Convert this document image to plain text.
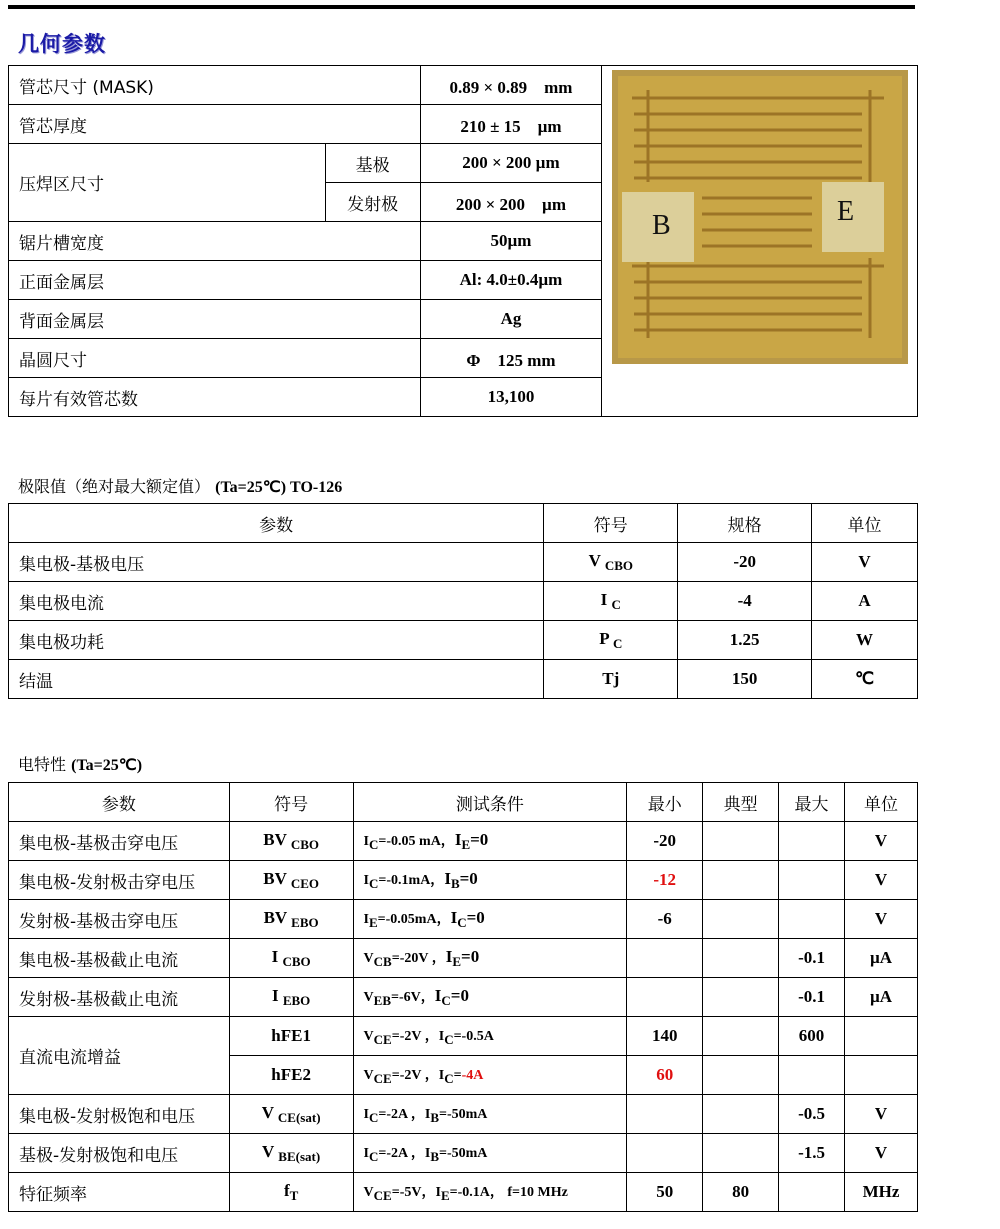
几何参数
管芯尺寸 (MASK)		0.89 × 0.89　mm	
管芯厚度		210 ± 15　µm	
压焊区尺寸	基极	200 × 200 µm	
	发射极	200 × 200　µm	
锯片槽宽度		50µm	
正面金属层		Al: 4.0±0.4µm	
背面金属层		Ag	
晶圆尺寸		Φ　125 mm	
每片有效管芯数		13,100	
B	E
极限值（绝对最大额定值） (Ta=25℃) TO-126
参数	符号	规格	单位
集电极-基极电压	V $_{CBO}$	-20	V
集电极电流	I $_C$	-4	A
集电极功耗	P $_C$	1.25	W
结温	Tj	150	℃
电特性 (Ta=25℃)
参数	符号	测试条件	最小	典型	最大	单位
集电极-基极击穿电压	BV $_{CBO}$	$I_C=-0.05$ mA，$I_E=0$	-20			V
集电极-发射极击穿电压	BV $_{CEO}$	$I_C=-0.1mA$，$I_B=0$	-12			V
发射极-基极击穿电压	BV $_{EBO}$	$I_E=-0.05mA$，$I_C=0$	-6			V
集电极-基极截止电流	I $_{CBO}$	$V_{CB}=-20V$ ，$I_E=0$			-0.1	µA
发射极-基极截止电流	I $_{EBO}$	$V_{EB}=-6V$，$I_C=0$			-0.1	µA
直流电流增益	hFE1	$V_{CE}=-2V$ ，$I_C=-0.5A$	140		600	
	hFE2	$V_{CE}=-2V$ ，$I_C=-4A$	60			
集电极-发射极饱和电压	V $_{CE(sat)}$	$I_C=-2A$ ，$I_B=-50mA$			-0.5	V
基极-发射极饱和电压	V $_{BE(sat)}$	$I_C=-2A$ ，$I_B=-50mA$			-1.5	V
特征频率	$f_T$	$V_{CE}=-5V$，$I_E=-0.1A$， f=10 MHz	50	80		MHz
